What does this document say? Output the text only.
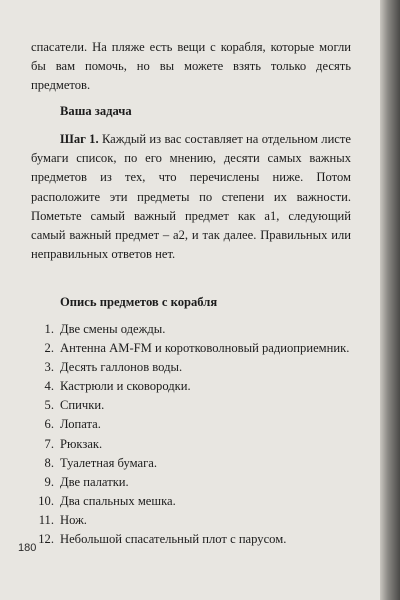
спасатели. На пляже есть вещи с корабля, которые могли бы вам помочь, но вы можете взять только десять предметов.
Ваша задача

Шаг 1. Каждый из вас составляет на отдельном листе бумаги список, по его мнению, десяти самых важных предметов из тех, что перечислены ниже. Потом расположите эти предметы по степени их важности. Пометьте самый важный предмет как а1, следующий самый важный предмет – а2, и так далее. Правильных или неправильных ответов нет.

Опись предметов с корабля
1. Две смены одежды.
2. Антенна AM-FM и коротковолновый радиоприемник.
3. Десять галлонов воды.
4. Кастрюли и сковородки.
5. Спички.
6. Лопата.
7. Рюкзак.
8. Туалетная бумага.
9. Две палатки.
10. Два спальных мешка.
11. Нож.
12. Небольшой спасательный плот с парусом.
180
